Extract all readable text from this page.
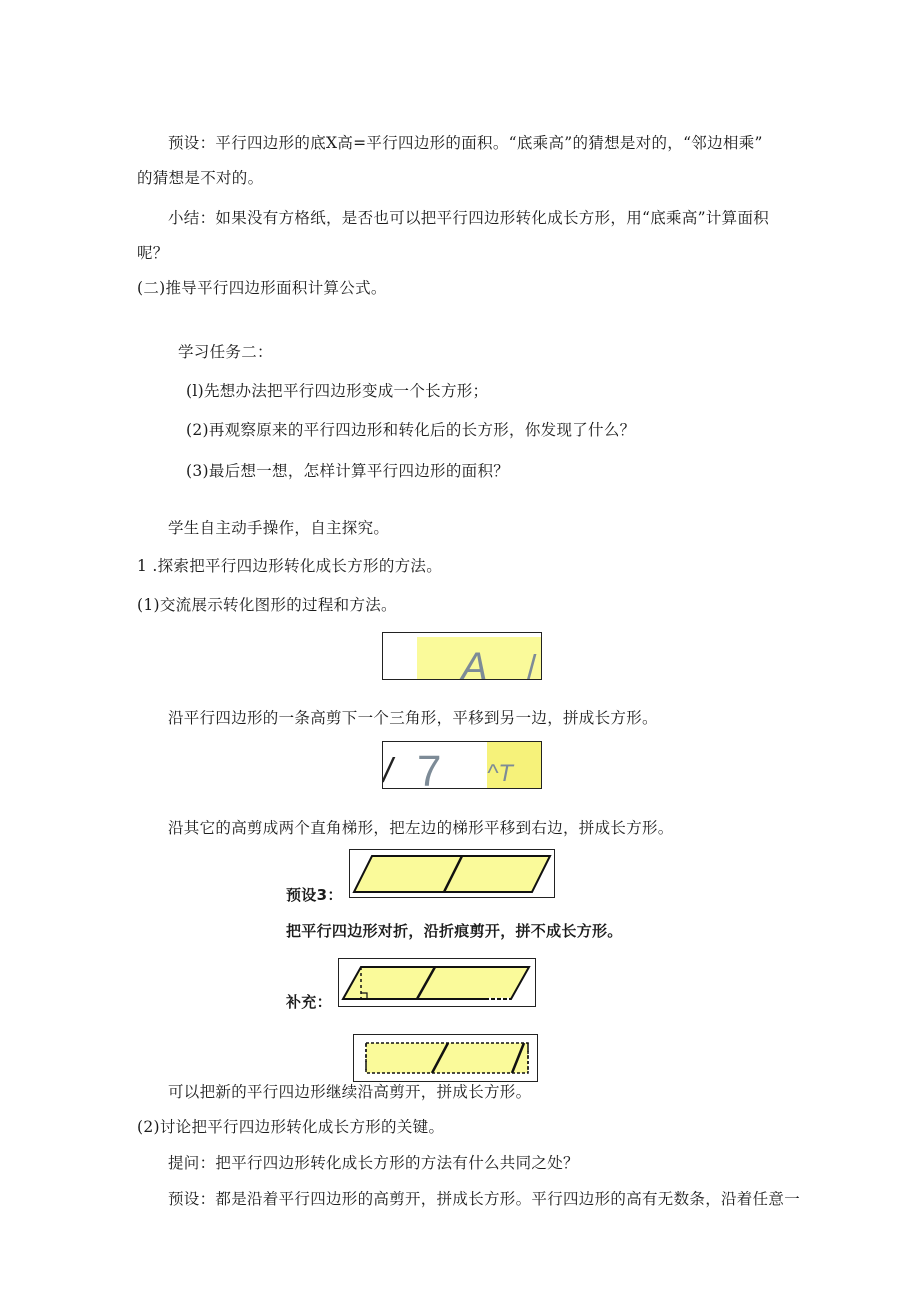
预设：平行四边形的底X高=平行四边形的面积。“底乘高”的猜想是对的，“邻边相乘”
的猜想是不对的。
小结：如果没有方格纸，是否也可以把平行四边形转化成长方形，用“底乘高”计算面积
呢？
(二)推导平行四边形面积计算公式。
学习任务二：
(l)先想办法把平行四边形变成一个长方形；
(2)再观察原来的平行四边形和转化后的长方形，你发现了什么？
(3)最后想一想，怎样计算平行四边形的面积？
学生自主动手操作，自主探究。
1 .探索把平行四边形转化成长方形的方法。
(1)交流展示转化图形的过程和方法。
A /
沿平行四边形的一条高剪下一个三角形，平移到另一边，拼成长方形。
/ 7 ^T
沿其它的高剪成两个直角梯形，把左边的梯形平移到右边，拼成长方形。
预设3：
把平行四边形对折，沿折痕剪开，拼不成长方形。
补充：
可以把新的平行四边形继续沿高剪开，拼成长方形。
(2)讨论把平行四边形转化成长方形的关键。
提问：把平行四边形转化成长方形的方法有什么共同之处？
预设：都是沿着平行四边形的高剪开，拼成长方形。平行四边形的高有无数条，沿着任意一
